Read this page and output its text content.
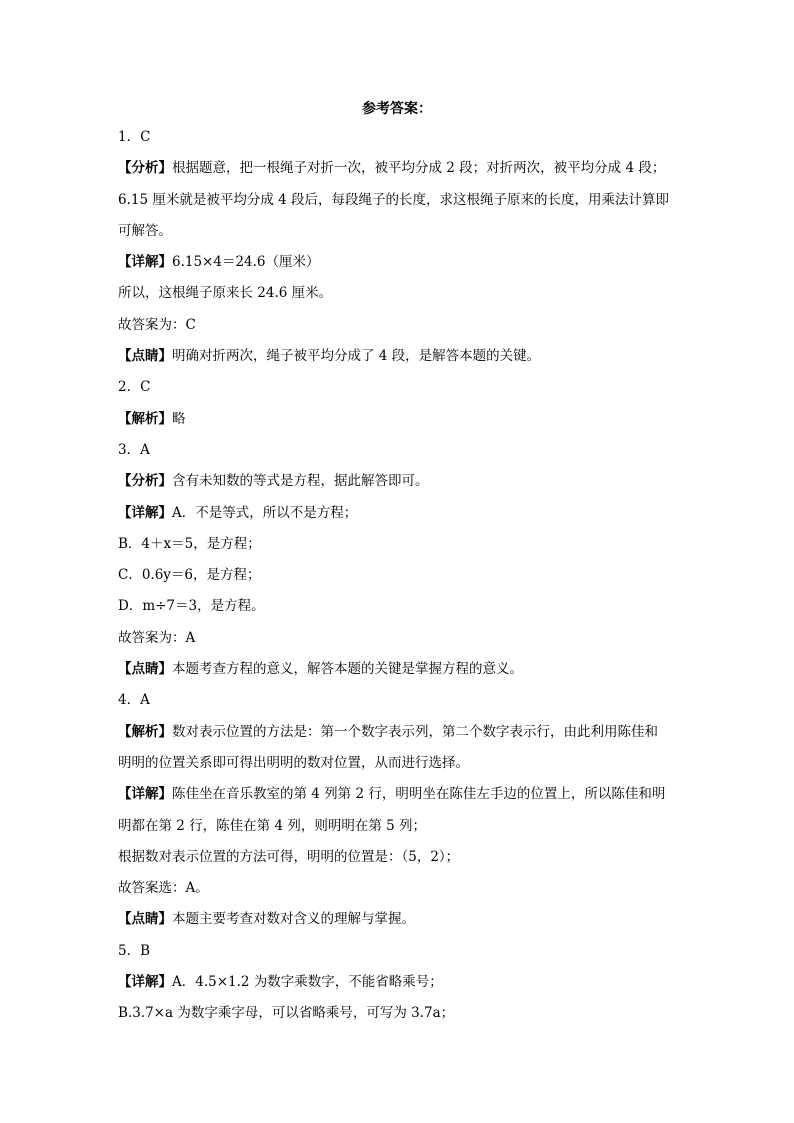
参考答案：
1．C
【分析】根据题意，把一根绳子对折一次，被平均分成 2 段；对折两次，被平均分成 4 段；
6.15 厘米就是被平均分成 4 段后，每段绳子的长度，求这根绳子原来的长度，用乘法计算即
可解答。
【详解】6.15×4＝24.6（厘米）
所以，这根绳子原来长 24.6 厘米。
故答案为：C
【点睛】明确对折两次，绳子被平均分成了 4 段，是解答本题的关键。
2．C
【解析】略
3．A
【分析】含有未知数的等式是方程，据此解答即可。
【详解】A．不是等式，所以不是方程；
B．4＋x＝5，是方程；
C．0.6y＝6，是方程；
D．m÷7＝3，是方程。
故答案为：A
【点睛】本题考查方程的意义，解答本题的关键是掌握方程的意义。
4．A
【解析】数对表示位置的方法是：第一个数字表示列，第二个数字表示行，由此利用陈佳和
明明的位置关系即可得出明明的数对位置，从而进行选择。
【详解】陈佳坐在音乐教室的第 4 列第 2 行，明明坐在陈佳左手边的位置上，所以陈佳和明
明都在第 2 行，陈佳在第 4 列，则明明在第 5 列；
根据数对表示位置的方法可得，明明的位置是：（5，2）；
故答案选：A。
【点睛】本题主要考查对数对含义的理解与掌握。
5．B
【详解】A．4.5×1.2 为数字乘数字，不能省略乘号；
B.3.7×a 为数字乘字母，可以省略乘号，可写为 3.7a；
